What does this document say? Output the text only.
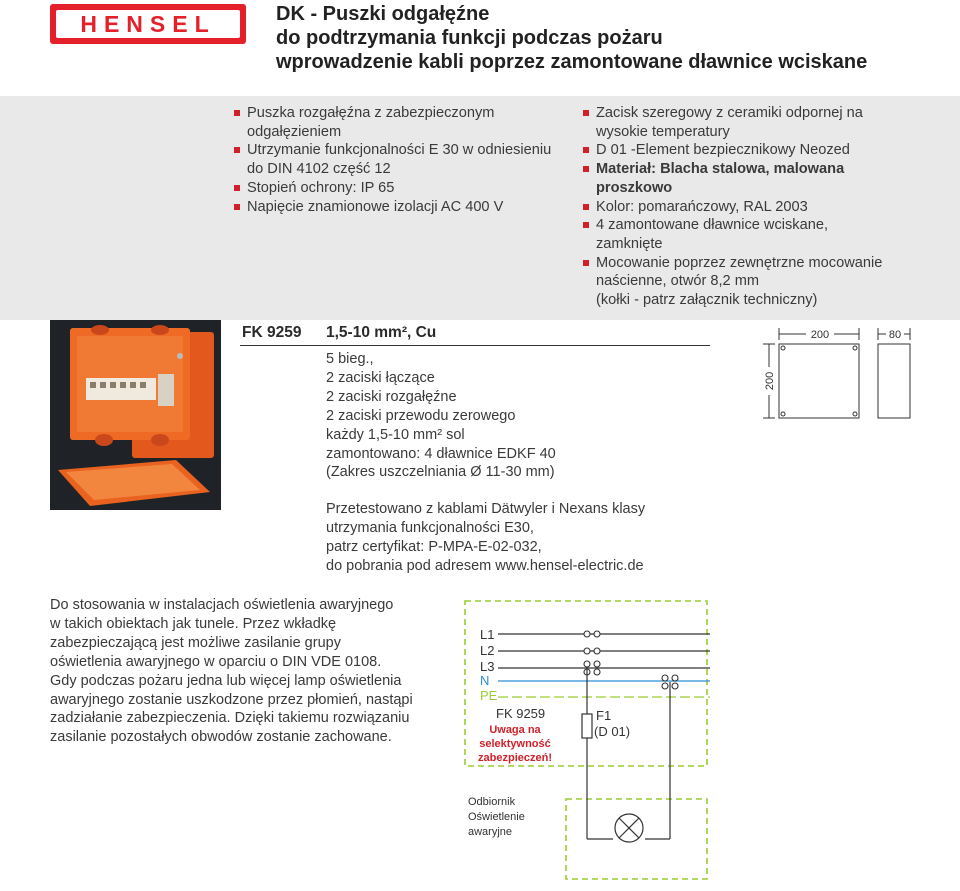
HENSEL	DK - Puszki odgałęźne
do podtrzymania funkcji podczas pożaru
wprowadzenie kabli poprzez zamontowane dławnice wciskane
Puszka rozgałęźna z zabezpieczonym
odgałęzieniem
Utrzymanie funkcjonalności E 30 w odniesieniu
do DIN 4102 część 12
Stopień ochrony: IP 65
Napięcie znamionowe izolacji AC 400 V
Zacisk szeregowy z ceramiki odpornej na
wysokie temperatury
D 01 -Element bezpiecznikowy Neozed
Materiał: Blacha stalowa, malowana
proszkowo
Kolor: pomarańczowy, RAL 2003
4 zamontowane dławnice wciskane,
zamknięte
Mocowanie poprzez zewnętrzne mocowanie
naścienne, otwór 8,2 mm
(kołki - patrz załącznik techniczny)
FK 9259 1,5-10 mm², Cu
5 bieg.,
2 zaciski łączące
2 zaciski rozgałęźne
2 zaciski przewodu zerowego
każdy 1,5-10 mm² sol
zamontowano: 4 dławnice EDKF 40
(Zakres uszczelniania Ø 11-30 mm)
Przetestowano z kablami Dätwyler i Nexans klasy
utrzymania funkcjonalności E30,
patrz certyfikat: P-MPA-E-02-032,
do pobrania pod adresem www.hensel-electric.de
200	80
200
Do stosowania w instalacjach oświetlenia awaryjnego
w takich obiektach jak tunele. Przez wkładkę
zabezpieczającą jest możliwe zasilanie grupy
oświetlenia awaryjnego w oparciu o DIN VDE 0108.
Gdy podczas pożaru jedna lub więcej lamp oświetlenia
awaryjnego zostanie uszkodzone przez płomień, nastąpi
zadziałanie zabezpieczenia. Dzięki takiemu rozwiązaniu
zasilanie pozostałych obwodów zostanie zachowane.
L1
L2
L3
N
PE
FK 9259	F1
(D 01)
Uwaga na
selektywność
zabezpieczeń!
Odbiornik
Oświetlenie
awaryjne
